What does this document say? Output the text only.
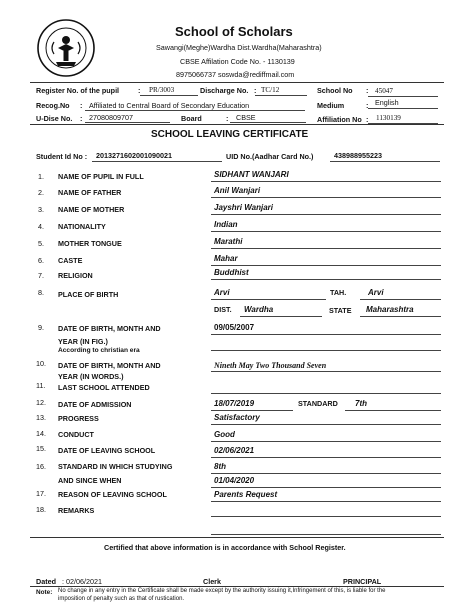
School of Scholars
Sawangi(Meghe)Wardha Dist.Wardha(Maharashtra)
CBSE Affilation Code No. - 1130139
8975066737 soswda@rediffmail.com
Register No. of the pupil	: PR/3003	Discharge No. : TC/12	School No : 45047
Recog.No : Affiliated to Central Board of Secondary Education	Medium	: English
U-Dise No. : 27080809707	Board	: CBSE	Affiliation No : 1130139
SCHOOL LEAVING CERTIFICATE
Student Id No : 2013271602001090021	UID No.(Aadhar Card No.)	438988955223
1. NAME OF PUPIL IN FULL	SIDHANT WANJARI
2. NAME OF FATHER	Anil Wanjari
3. NAME OF MOTHER	Jayshri Wanjari
4. NATIONALITY	Indian
5. MOTHER TONGUE	Marathi
6. CASTE	Mahar
7. RELIGION	Buddhist
8. PLACE OF BIRTH	Arvi	TAH.	Arvi
DIST. Wardha	STATE Maharashtra
9. DATE OF BIRTH, MONTH AND
YEAR (IN FIG.)
According to christian era
09/05/2007
10. DATE OF BIRTH, MONTH AND
YEAR (IN WORDS.)
Nineth May Two Thousand Seven
11. LAST SCHOOL ATTENDED
12. DATE OF ADMISSION	18/07/2019	STANDARD 7th
13. PROGRESS	Satisfactory
14. CONDUCT	Good
15. DATE OF LEAVING SCHOOL	02/06/2021
16. STANDARD IN WHICH STUDYING
AND SINCE WHEN
8th
01/04/2020
17. REASON OF LEAVING SCHOOL	Parents Request
18. REMARKS
Certified that above information is in accordance with School Register.
Dated : 02/06/2021	Clerk	PRINCIPAL
Note: No change in any entry in the Certificate shall be made except by the authority issuing it,Infringement of this, is liable for the
imposition of penalty such as that of rustication.
